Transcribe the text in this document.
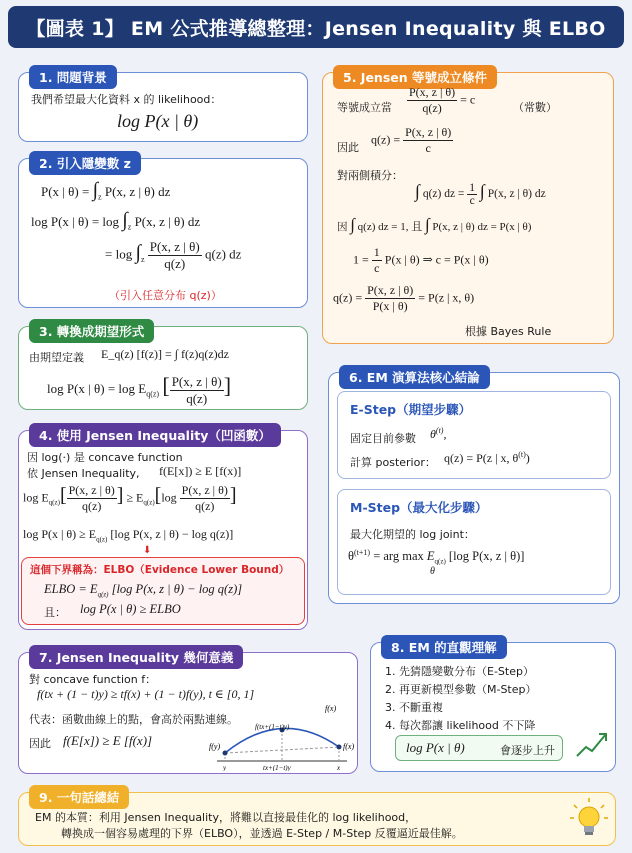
【圖表 1】 EM 公式推導總整理：Jensen Inequality 與 ELBO
1. 問題背景
我們希望最大化資料 x 的 likelihood：
log P(x | θ)
2. 引入隱變數 z
P(x | $\theta) = \int_z$ P(x, z | θ) dz
log P(x | $\theta) = \log \int_z$ P(x, z | θ) dz
= $\log \int_z \frac{P(x, z | \theta)}{q(z)} q(z)$ dz
（引入任意分布 q(z)）
3. 轉換成期望形式
由期望定義 E_q(z) [f(z)] = ∫ f(z)q(z)dz
log P(x | $\theta) = \log E_{q(z)}$ [ $\frac{P(x, z | \theta)}{q(z)}$ ]
4. 使用 Jensen Inequality（凹函數）
因 log(·) 是 concave function
依 Jensen Inequality, f(E[x]) ≥ E [f(x)]
$\log E_{q(z)}[ \frac{P(x, z | \theta)}{q(z)}$ ] ≥ $E_{q(z)}[\log \frac{P(x, z | \theta)}{q(z)}$ ]
log P(x | $\theta) \ge E_{q(z)}$ [log P(x, z | θ) − log q(z)]
⬇
這個下界稱為：ELBO（Evidence Lower Bound）
ELBO = $E_{q(z)}$ [log P(x, z | θ) − log q(z)]
且： log P(x | θ) ≥ ELBO
5. Jensen 等號成立條件
等號成立當 $\frac{P(x, z | \theta)}{q(z)} = c$
（常數）
因此
$q(z) = \frac{P(x, z | \theta)}{c}$
對兩側積分：
∫ q(z) dz = $\frac{1}{c}$ ∫ P(x, z | θ) dz
因 ∫ q(z) dz = 1, 且 ∫ P(x, z | θ) dz = P(x | θ)
$1 = \frac{1}{c} P(x$ | θ) ⇒ c = P(x | θ)
$q(z) = \frac{P(x, z | \theta)}{P(x | \theta)} = P(z$ | x, θ)
根據 Bayes Rule
6. EM 演算法核心結論
E-Step（期望步驟）
固定目前參數 $\theta^{(t)}$,
計算 posterior： q(z) = P(z | x, $\theta^{(t)}$)
M-Step（最大化步驟）
最大化期望的 log joint：
$\theta^{(t+1)}$ = arg $\max E_{q(z)}$ [log P(x, z | θ)]
θ
7. Jensen Inequality 幾何意義
對 concave function f：
f(tx + (1 − t)y) ≥ tf(x) + (1 − t)f(y), t ∈ [0, 1]
代表：函數曲線上的點，會高於兩點連線。
因此 f(E[x]) ≥ E [f(x)]
f(x)
f(y)
f(tx+(1−t)y)
f(x)
y	tx+(1−t)y	x
8. EM 的直觀理解
1. 先猜隱變數分布（E-Step）
2. 再更新模型參數（M-Step）
3. 不斷重複
4. 每次都讓 likelihood 不下降
log P(x | θ)	會逐步上升
9. 一句話總結
EM 的本質：利用 Jensen Inequality，將難以直接最佳化的 log likelihood，
轉換成一個容易處理的下界（ELBO），並透過 E-Step / M-Step 反覆逼近最佳解。
